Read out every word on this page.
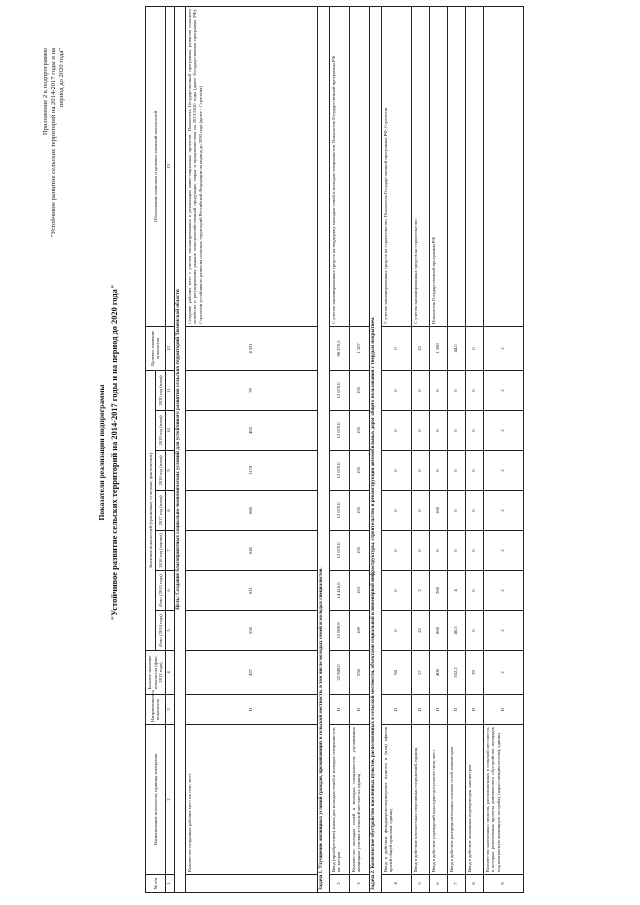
Приложение 2 к подпрограмме "Устойчивое развитие сельских территорий на 2014-2017 годы и на период до 2020 года"
Показатели реализации подпрограммы "Устойчивое развитие сельских территорий на 2014-2017 годы и на период до 2020 года"
№ п/п	Наименование показателя, единица измерения	Направленность показателя	Базовое значение показателя (факт 2013 года)	Значения показателей (граничные, отчетные, фактические)							Целевое значение показателя	Обоснование плановых и целевых значений показателей
				Факт (2014 года)	Факт (2015 года)	2016 год (оценка)	2017 год (план)	2018 год (план)	2019 год (план)	2020 год (план)		
1	2	3	4	5	6	7	8	9	10	11	12	13
Цель: Создание благоприятных социально-экономических условий для устойчивого развития сельских территорий Тюменской области												
	Количество созданных рабочих мест на селе, мест	П	437	550	811	645	686	1178	402	79	4 331	Создание рабочих мест с учетом запланированных к реализации инвестиционных проектов. Показатель Государственной программы развития сельского хозяйства и регулирования рынков сельскохозяйственной продукции, сырья и продовольствия на 2013-2020 годы (далее Государственная программа РФ). Стратегии устойчивого развития сельских территорий Российской Федерации на период до 2030 года (далее - Стратегия)
Задача 1. Улучшение жилищных условий граждан, проживающих в сельской местности, в том числе молодых семей и молодых специалистов.												
2	Ввод (приобретение) жилья для молодых семей и молодых специалистов, кв. метров	П	22 949,0	15 809,9	14 416,6	13 670,0	13 670,0	13 670,0	13 670,0	13 670,0	98 276,5	С учетом запланированных средств на поддержку молодых семей и молодых специалистов. Показатель Государственной программы РФ
3	Количество молодых семей и молодых специалистов, улучшивших жилищные условия в сельской местности, единиц	П	250	169	163	155	155	155	155	155	1 107	
Задача 2. Комплексное обустройство населенных пунктов, расположенных в сельской местности, объектами социальной и инженерной инфраструктуры, строительство и реконструкция автомобильных дорог общего пользования с твердым покрытием.												
4	Ввод в действие фельдшерско-акушерских пунктов и (или) офисов врачей общей практики, единиц	П	94	0	0	0	0	0	0	0	0	С учетом запланированных средств на строительство. Показатель Государственной программы РФ, Стратегии
5	Ввод в действие плоскостных спортивных сооружений, единиц	П	57	22	3	0	0	0	0	0	25	С учетом запланированных средств на строительство.
6	Ввод в действие учреждений культурно-досугового типа, мест	П	400	800	200	0	100	0	0	0	1 100	Показатель Государственной программы РФ
7	Ввод в действие распределительных газовых сетей, километров	П	102,2	40,5	4	0	0	0	0	0	44,5	
8	Ввод в действие локальных водопроводов, километров	П	29	0	0	0	0	0	0	0	0	
9	Количество населенных пунктов, расположенных в сельской местности, в которых реализованы проекты комплексного обустройства площадок под компактную жилищную застройку (нарастающим итогом), единиц	П	2	2	2	2	2	2	2	2	2	
